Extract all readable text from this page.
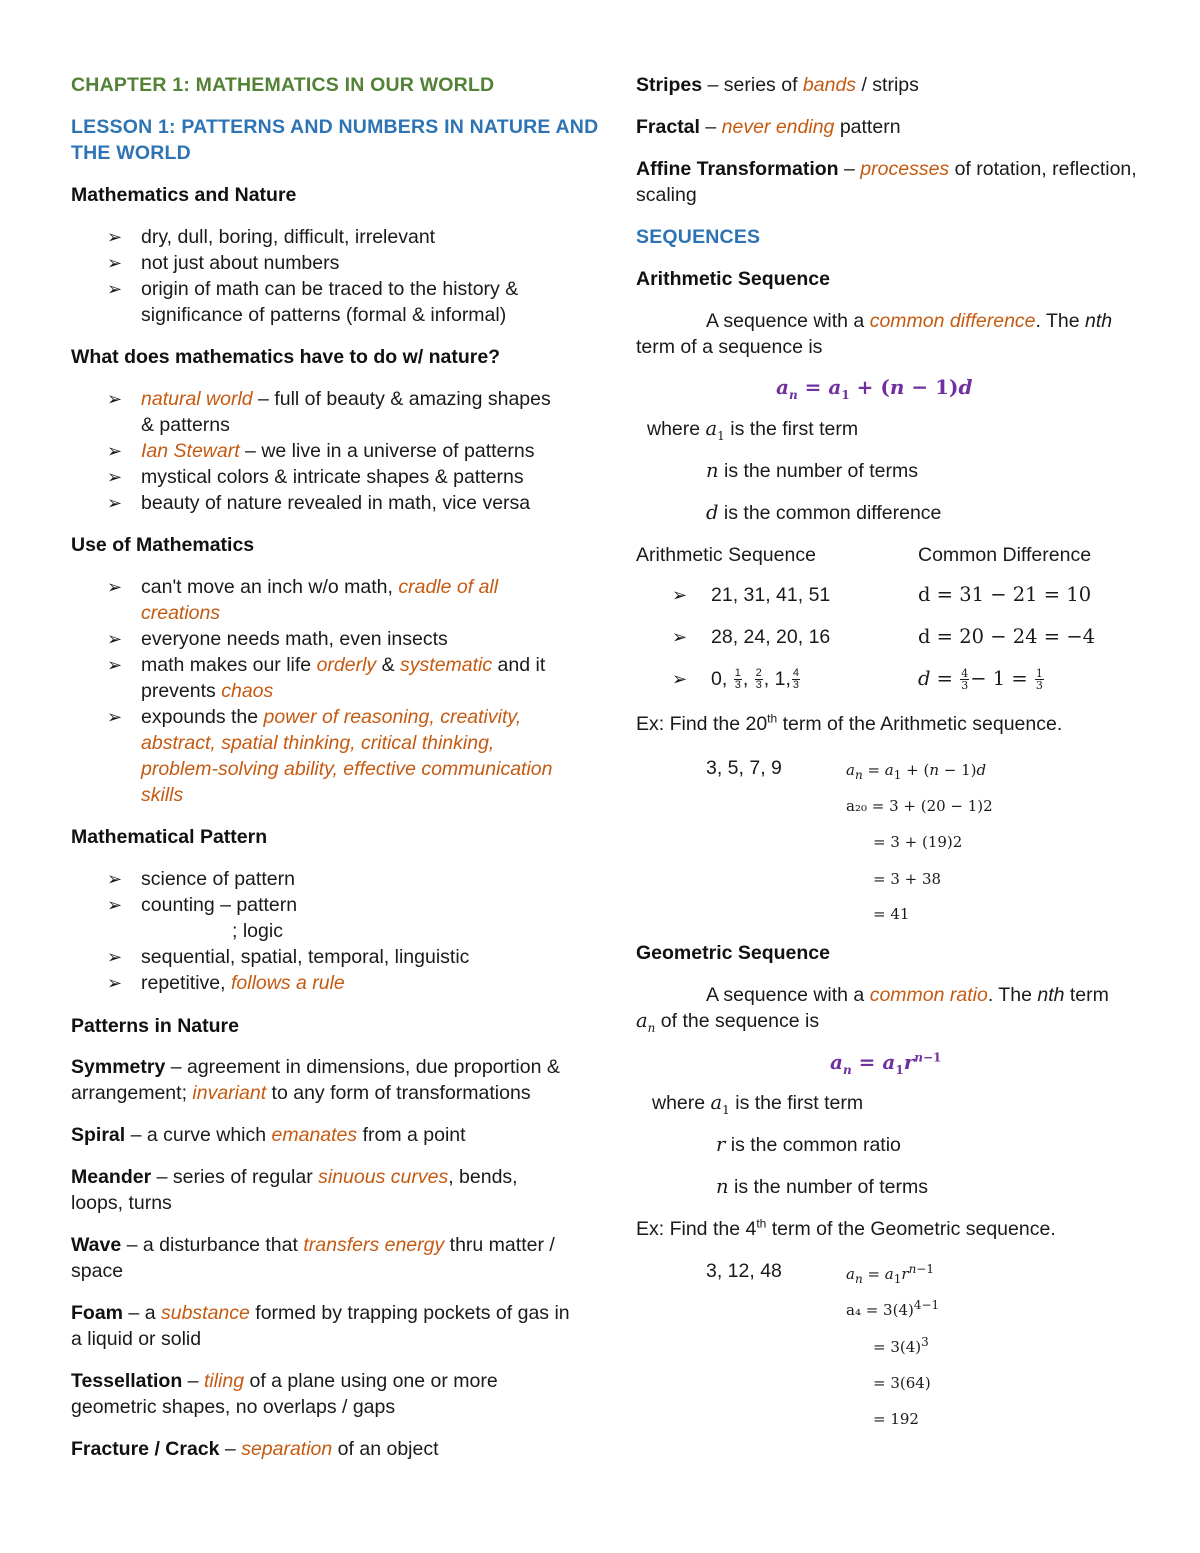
CHAPTER 1: MATHEMATICS IN OUR WORLD
LESSON 1: PATTERNS AND NUMBERS IN NATURE AND
THE WORLD
Mathematics and Nature
➢ dry, dull, boring, difficult, irrelevant
➢ not just about numbers
➢ origin of math can be traced to the history &
significance of patterns (formal & informal)
What does mathematics have to do w/ nature?
➢ natural world – full of beauty & amazing shapes
& patterns
➢ Ian Stewart – we live in a universe of patterns
➢ mystical colors & intricate shapes & patterns
➢ beauty of nature revealed in math, vice versa
Use of Mathematics
➢ can't move an inch w/o math, cradle of all
creations
➢ everyone needs math, even insects
➢ math makes our life orderly & systematic and it
prevents chaos
➢ expounds the power of reasoning, creativity,
abstract, spatial thinking, critical thinking,
problem-solving ability, effective communication
skills
Mathematical Pattern
➢ science of pattern
➢ counting – pattern
; logic
➢ sequential, spatial, temporal, linguistic
➢ repetitive, follows a rule
Patterns in Nature
Symmetry – agreement in dimensions, due proportion &
arrangement; invariant to any form of transformations
Spiral – a curve which emanates from a point
Meander – series of regular sinuous curves, bends,
loops, turns
Wave – a disturbance that transfers energy thru matter /
space
Foam – a substance formed by trapping pockets of gas in
a liquid or solid
Tessellation – tiling of a plane using one or more
geometric shapes, no overlaps / gaps
Fracture / Crack – separation of an object
Stripes – series of bands / strips
Fractal – never ending pattern
Affine Transformation – processes of rotation, reflection,
scaling
SEQUENCES
Arithmetic Sequence
A sequence with a common difference. The nth
term of a sequence is
$a_n = a_1 + (n - 1)d$
where $a_1$ is the first term
n is the number of terms
d is the common difference
Arithmetic Sequence	Common Difference
➢ 21, 31, 41, 51	d = 31 − 21 = 10
➢ 28, 24, 20, 16	d = 20 − 24 = −4
➢ 0, $\frac{1}{3}$ , $\frac{2}{3}$ , 1, $\frac{4}{3}$	$d = \frac{4}{3} - 1 = \frac{1}{3}$
Ex: Find the 20th term of the Arithmetic sequence.
3, 5, 7, 9	$a_n = a_1 + (n - 1)d$
a₂₀ = 3 + (20 − 1)2
= 3 + (19)2
= 3 + 38
= 41
Geometric Sequence
A sequence with a common ratio. The nth term
$a_n$ of the sequence is
$a_n = a_1r^{n-1}$
where $a_1$ is the first term
r is the common ratio
n is the number of terms
Ex: Find the 4th term of the Geometric sequence.
3, 12, 48	$a_n = a_1r^{n-1}$
$a_4 = 3(4)^{4-1}$
= $3(4)^3$
= 3(64)
= 192
